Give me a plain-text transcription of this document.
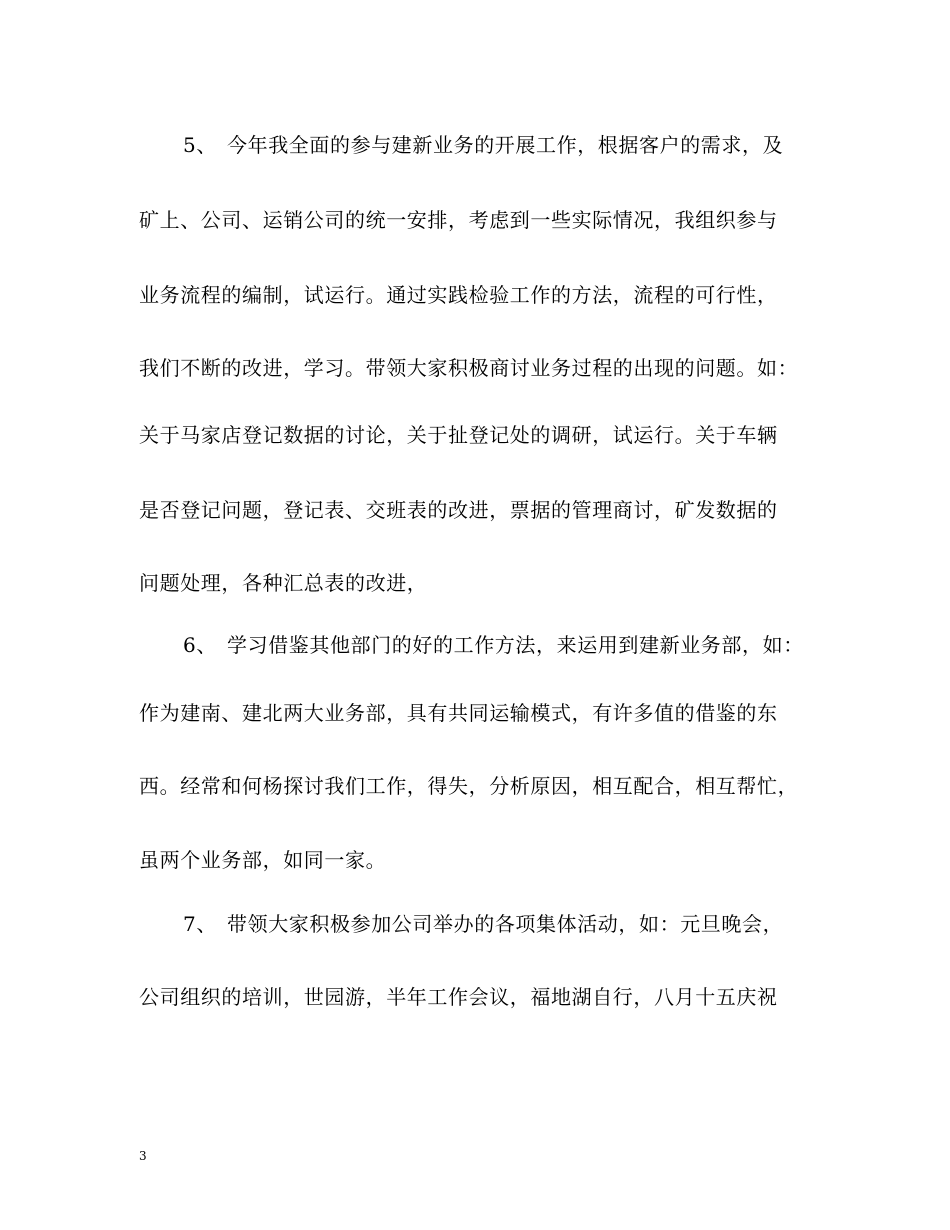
5、 今年我全面的参与建新业务的开展工作，根据客户的需求，及
矿上、公司、运销公司的统一安排，考虑到一些实际情况，我组织参与
业务流程的编制，试运行。通过实践检验工作的方法，流程的可行性，
我们不断的改进，学习。带领大家积极商讨业务过程的出现的问题。如：
关于马家店登记数据的讨论，关于扯登记处的调研，试运行。关于车辆
是否登记问题，登记表、交班表的改进，票据的管理商讨，矿发数据的
问题处理，各种汇总表的改进，
6、 学习借鉴其他部门的好的工作方法，来运用到建新业务部，如：
作为建南、建北两大业务部，具有共同运输模式，有许多值的借鉴的东
西。经常和何杨探讨我们工作，得失，分析原因，相互配合，相互帮忙，
虽两个业务部，如同一家。
7、 带领大家积极参加公司举办的各项集体活动，如：元旦晚会，
公司组织的培训，世园游，半年工作会议，福地湖自行，八月十五庆祝
3
